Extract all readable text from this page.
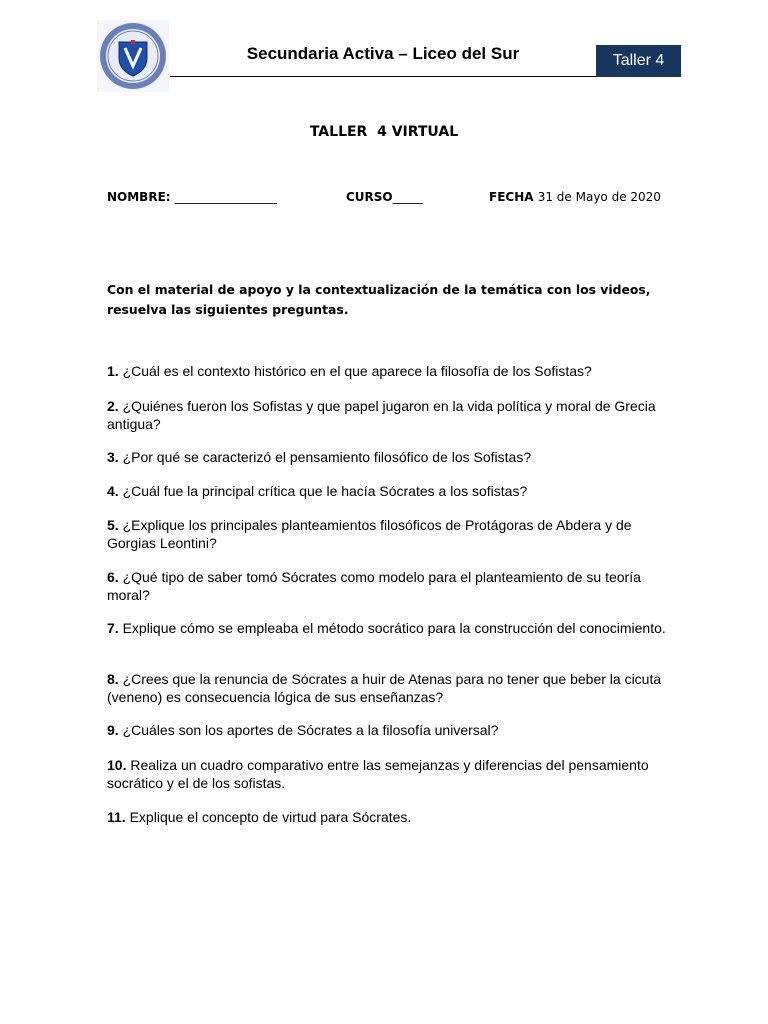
Secundaria Activa – Liceo del Sur	Taller 4
TALLER  4 VIRTUAL
NOMBRE: _________________	CURSO_____	FECHA 31 de Mayo de 2020
Con el material de apoyo y la contextualización de la temática con los videos, resuelva las siguientes preguntas.
1. ¿Cuál es el contexto histórico en el que aparece la filosofía de los Sofistas?
2. ¿Quiénes fueron los Sofistas y que papel jugaron en la vida política y moral de Grecia antigua?
3. ¿Por qué se caracterizó el pensamiento filosófico de los Sofistas?
4. ¿Cuál fue la principal crítica que le hacía Sócrates a los sofistas?
5. ¿Explique los principales planteamientos filosóficos de Protágoras de Abdera y de Gorgias Leontini?
6. ¿Qué tipo de saber tomó Sócrates como modelo para el planteamiento de su teoría moral?
7. Explique cómo se empleaba el método socrático para la construcción del conocimiento.
8. ¿Crees que la renuncia de Sócrates a huir de Atenas para no tener que beber la cicuta (veneno) es consecuencia lógica de sus enseñanzas?
9. ¿Cuáles son los aportes de Sócrates a la filosofía universal?
10. Realiza un cuadro comparativo entre las semejanzas y diferencias del pensamiento socrático y el de los sofistas.
11. Explique el concepto de virtud para Sócrates.
